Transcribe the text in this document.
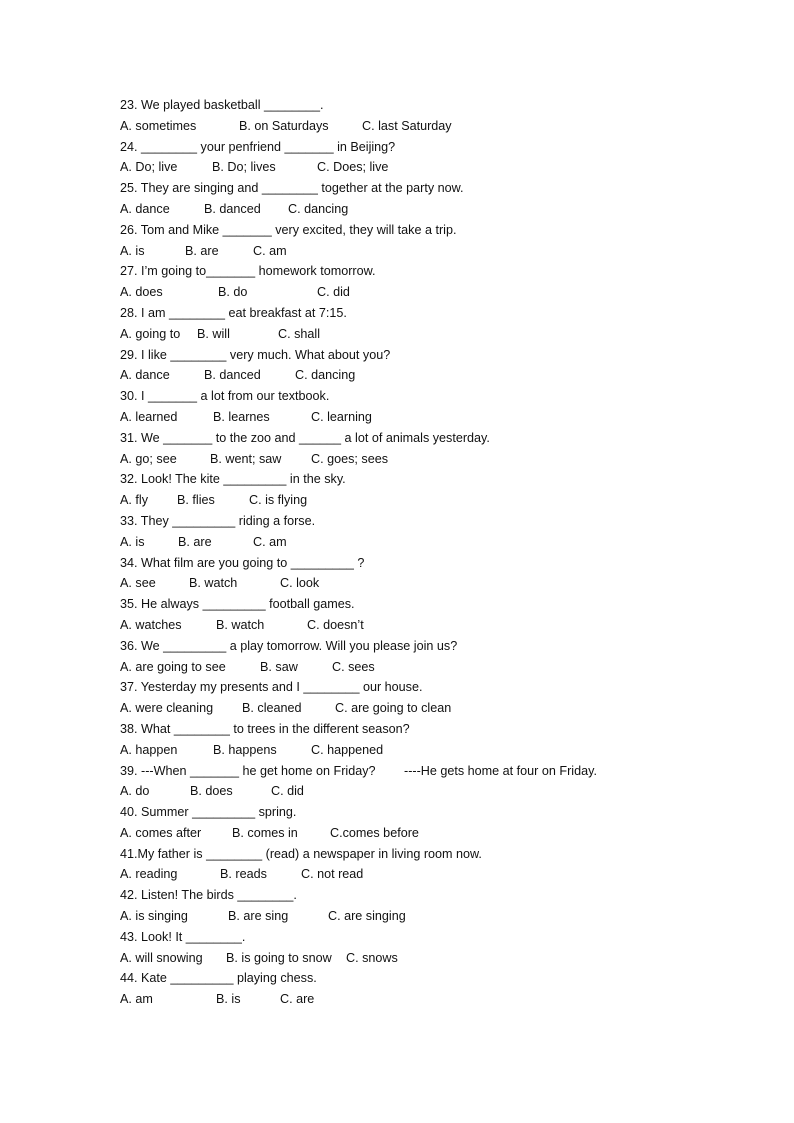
23. We played basketball ________.
A. sometimes	B. on Saturdays	C. last Saturday
24. ________ your penfriend _______ in Beijing?
A. Do; live	B. Do; lives	C. Does; live
25. They are singing and ________ together at the party now.
A. dance	B. danced C. dancing
26. Tom and Mike _______ very excited, they will take a trip.
A. is	B. are	C. am
27. I’m going to_______ homework tomorrow.
A. does	B. do	C. did
28. I am ________ eat breakfast at 7:15.
A. going to B. will	C. shall
29. I like ________ very much. What about you?
A. dance	B. danced	C. dancing
30. I _______ a lot from our textbook.
A. learned	B. learnes	C. learning
31. We _______ to the zoo and ______ a lot of animals yesterday.
A. go; see	B. went; saw C. goes; sees
32. Look! The kite _________ in the sky.
A. fly B. flies	C. is flying
33. They _________ riding a forse.
A. is	B. are	C. am
34. What film are you going to _________ ?
A. see	B. watch	C. look
35. He always _________ football games.
A. watches	B. watch	C. doesn’t
36. We _________ a play tomorrow. Will you please join us?
A. are going to see	B. saw	C. sees
37. Yesterday my presents and I ________ our house.
A. were cleaning B. cleaned	C. are going to clean
38. What ________ to trees in the different season?
A. happen	B. happens	C. happened
39. ---When _______ he get home on Friday? ----He gets home at four on Friday.
A. do	B. does	C. did
40. Summer _________ spring.
A. comes after B. comes in	C.comes before
41.My father is ________ (read) a newspaper in living room now.
A. reading	B. reads	C. not read
42. Listen! The birds ________.
A. is singing	B. are sing	C. are singing
43. Look! It ________.
A. will snowing B. is going to snow C. snows
44. Kate _________ playing chess.
A. am	B. is	C. are
